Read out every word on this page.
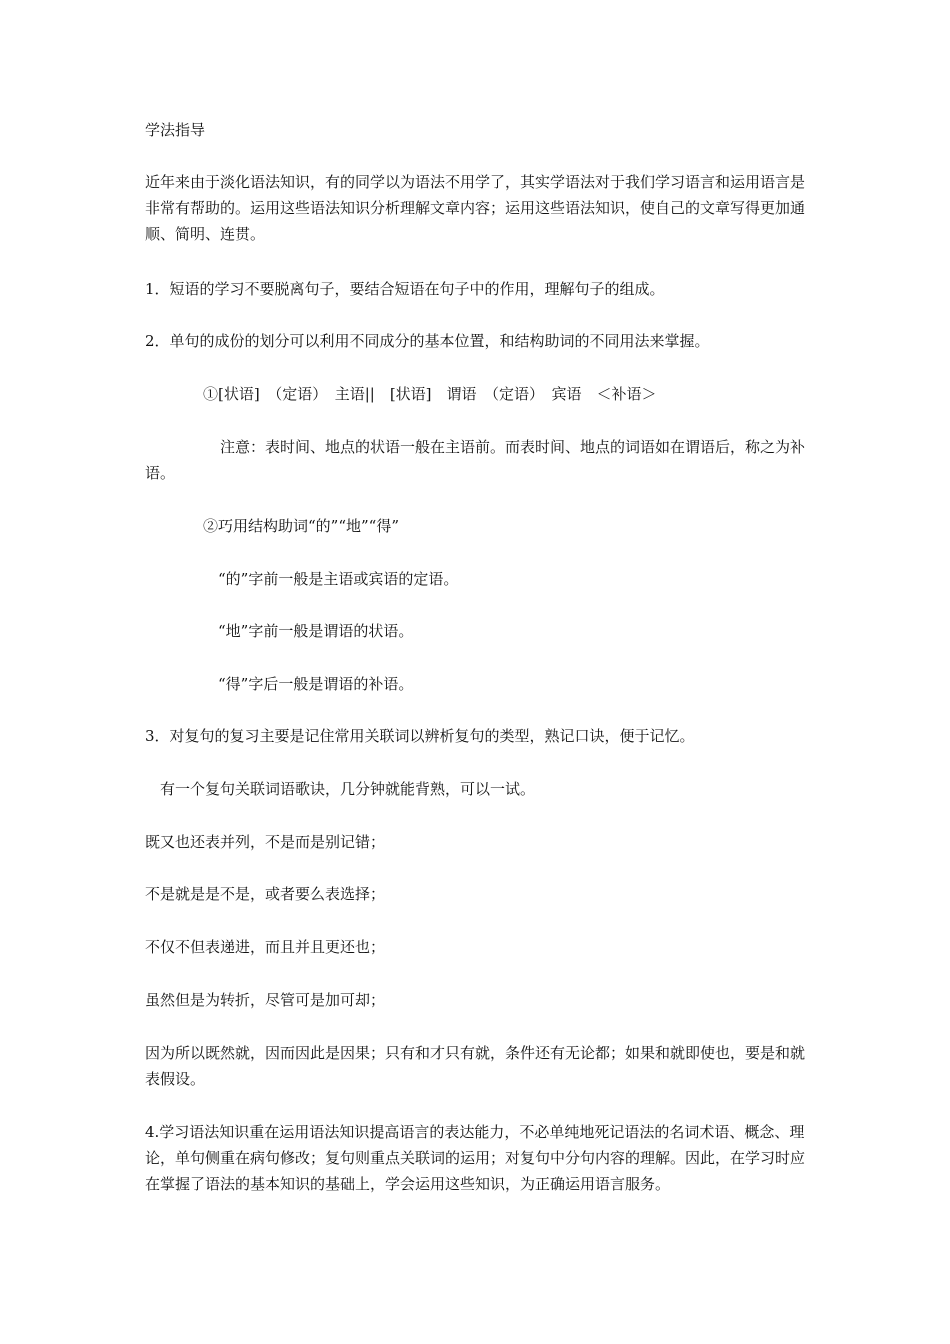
学法指导

近年来由于淡化语法知识，有的同学以为语法不用学了，其实学语法对于我们学习语言和运用语言是非常有帮助的。运用这些语法知识分析理解文章内容；运用这些语法知识，使自己的文章写得更加通顺、简明、连贯。

1．短语的学习不要脱离句子，要结合短语在句子中的作用，理解句子的组成。

2．单句的成份的划分可以利用不同成分的基本位置，和结构助词的不同用法来掌握。

①[状语]　（定语）　主语||　[状语]　谓语　（定语）　宾语　＜补语＞

注意：表时间、地点的状语一般在主语前。而表时间、地点的词语如在谓语后，称之为补语。

②巧用结构助词“的”“地”“得”

“的”字前一般是主语或宾语的定语。

“地”字前一般是谓语的状语。

“得”字后一般是谓语的补语。

3．对复句的复习主要是记住常用关联词以辨析复句的类型，熟记口诀，便于记忆。

有一个复句关联词语歌诀，几分钟就能背熟，可以一试。

既又也还表并列，不是而是别记错；

不是就是是不是，或者要么表选择；

不仅不但表递进，而且并且更还也；

虽然但是为转折，尽管可是加可却；

因为所以既然就，因而因此是因果；只有和才只有就，条件还有无论都；如果和就即使也，要是和就表假设。

4.学习语法知识重在运用语法知识提高语言的表达能力，不必单纯地死记语法的名词术语、概念、理论，单句侧重在病句修改；复句则重点关联词的运用；对复句中分句内容的理解。因此，在学习时应在掌握了语法的基本知识的基础上，学会运用这些知识，为正确运用语言服务。
